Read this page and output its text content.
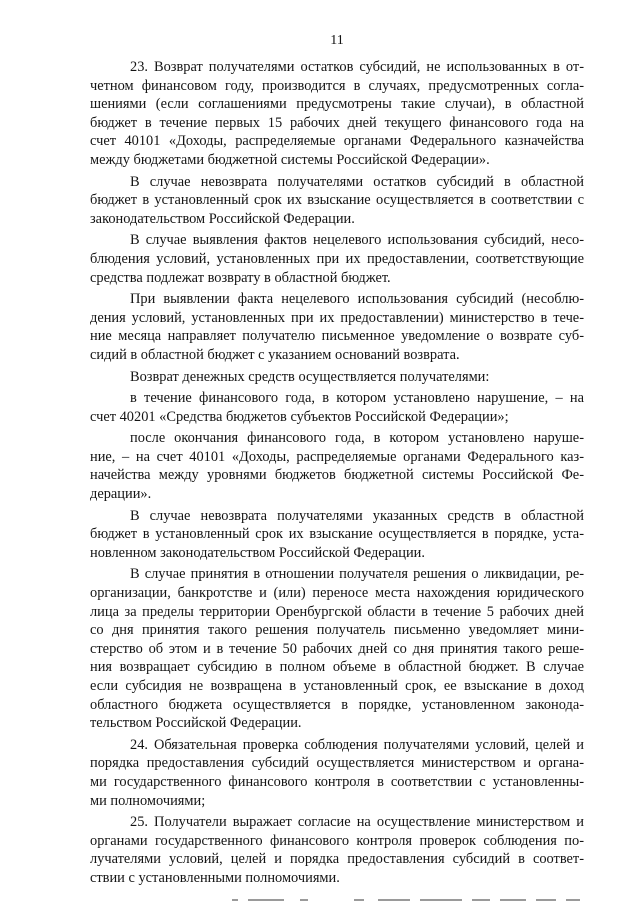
11
23. Возврат получателями остатков субсидий, не использованных в от-
четном финансовом году, производится в случаях, предусмотренных согла-
шениями (если соглашениями предусмотрены такие случаи), в областной
бюджет в течение первых 15 рабочих дней текущего финансового года на
счет 40101 «Доходы, распределяемые органами Федерального казначейства
между бюджетами бюджетной системы Российской Федерации».
В случае невозврата получателями остатков субсидий в областной
бюджет в установленный срок их взыскание осуществляется в соответствии с
законодательством Российской Федерации.
В случае выявления фактов нецелевого использования субсидий, несо-
блюдения условий, установленных при их предоставлении, соответствующие
средства подлежат возврату в областной бюджет.
При выявлении факта нецелевого использования субсидий (несоблю-
дения условий, установленных при их предоставлении) министерство в тече-
ние месяца направляет получателю письменное уведомление о возврате суб-
сидий в областной бюджет с указанием оснований возврата.
Возврат денежных средств осуществляется получателями:
в течение финансового года, в котором установлено нарушение, – на
счет 40201 «Средства бюджетов субъектов Российской Федерации»;
после окончания финансового года, в котором установлено наруше-
ние, – на счет 40101 «Доходы, распределяемые органами Федерального каз-
начейства между уровнями бюджетов бюджетной системы Российской Фе-
дерации».
В случае невозврата получателями указанных средств в областной
бюджет в установленный срок их взыскание осуществляется в порядке, уста-
новленном законодательством Российской Федерации.
В случае принятия в отношении получателя решения о ликвидации, ре-
организации, банкротстве и (или) переносе места нахождения юридического
лица за пределы территории Оренбургской области в течение 5 рабочих дней
со дня принятия такого решения получатель письменно уведомляет мини-
стерство об этом и в течение 50 рабочих дней со дня принятия такого реше-
ния возвращает субсидию в полном объеме в областной бюджет. В случае
если субсидия не возвращена в установленный срок, ее взыскание в доход
областного бюджета осуществляется в порядке, установленном законода-
тельством Российской Федерации.
24. Обязательная проверка соблюдения получателями условий, целей и
порядка предоставления субсидий осуществляется министерством и органа-
ми государственного финансового контроля в соответствии с установленны-
ми полномочиями;
25. Получатели выражает согласие на осуществление министерством и
органами государственного финансового контроля проверок соблюдения по-
лучателями условий, целей и порядка предоставления субсидий в соответ-
ствии с установленными полномочиями.
